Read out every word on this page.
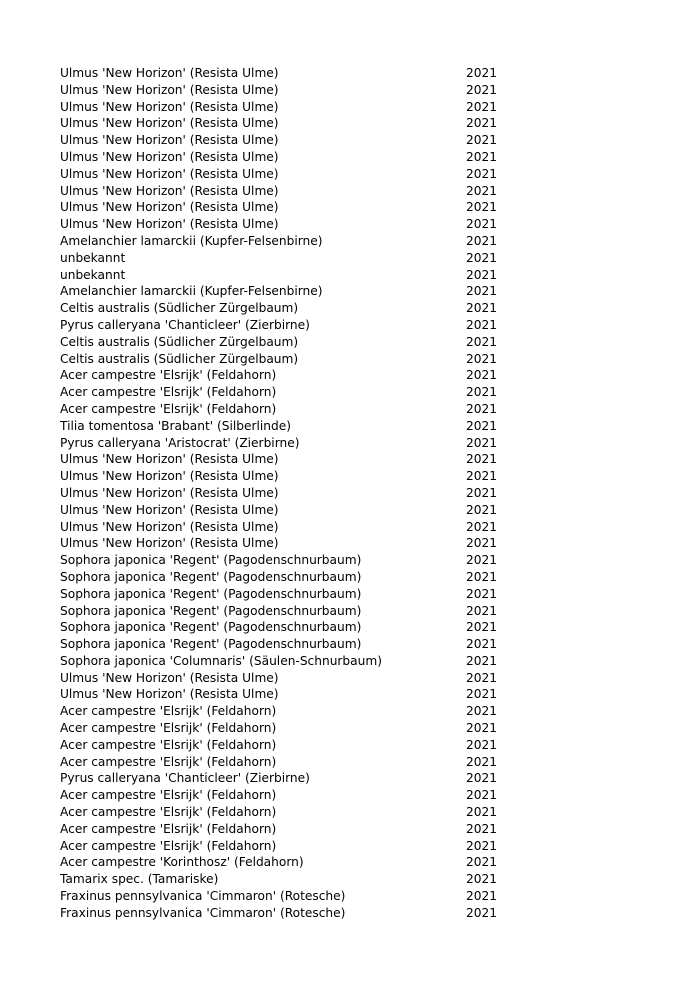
Ulmus 'New Horizon' (Resista Ulme)	2021
Ulmus 'New Horizon' (Resista Ulme)	2021
Ulmus 'New Horizon' (Resista Ulme)	2021
Ulmus 'New Horizon' (Resista Ulme)	2021
Ulmus 'New Horizon' (Resista Ulme)	2021
Ulmus 'New Horizon' (Resista Ulme)	2021
Ulmus 'New Horizon' (Resista Ulme)	2021
Ulmus 'New Horizon' (Resista Ulme)	2021
Ulmus 'New Horizon' (Resista Ulme)	2021
Ulmus 'New Horizon' (Resista Ulme)	2021
Amelanchier lamarckii (Kupfer-Felsenbirne)	2021
unbekannt	2021
unbekannt	2021
Amelanchier lamarckii (Kupfer-Felsenbirne)	2021
Celtis australis (Südlicher Zürgelbaum)	2021
Pyrus calleryana 'Chanticleer' (Zierbirne)	2021
Celtis australis (Südlicher Zürgelbaum)	2021
Celtis australis (Südlicher Zürgelbaum)	2021
Acer campestre 'Elsrijk' (Feldahorn)	2021
Acer campestre 'Elsrijk' (Feldahorn)	2021
Acer campestre 'Elsrijk' (Feldahorn)	2021
Tilia tomentosa 'Brabant' (Silberlinde)	2021
Pyrus calleryana 'Aristocrat' (Zierbirne)	2021
Ulmus 'New Horizon' (Resista Ulme)	2021
Ulmus 'New Horizon' (Resista Ulme)	2021
Ulmus 'New Horizon' (Resista Ulme)	2021
Ulmus 'New Horizon' (Resista Ulme)	2021
Ulmus 'New Horizon' (Resista Ulme)	2021
Ulmus 'New Horizon' (Resista Ulme)	2021
Sophora japonica 'Regent' (Pagodenschnurbaum)	2021
Sophora japonica 'Regent' (Pagodenschnurbaum)	2021
Sophora japonica 'Regent' (Pagodenschnurbaum)	2021
Sophora japonica 'Regent' (Pagodenschnurbaum)	2021
Sophora japonica 'Regent' (Pagodenschnurbaum)	2021
Sophora japonica 'Regent' (Pagodenschnurbaum)	2021
Sophora japonica 'Columnaris' (Säulen-Schnurbaum)	2021
Ulmus 'New Horizon' (Resista Ulme)	2021
Ulmus 'New Horizon' (Resista Ulme)	2021
Acer campestre 'Elsrijk' (Feldahorn)	2021
Acer campestre 'Elsrijk' (Feldahorn)	2021
Acer campestre 'Elsrijk' (Feldahorn)	2021
Acer campestre 'Elsrijk' (Feldahorn)	2021
Pyrus calleryana 'Chanticleer' (Zierbirne)	2021
Acer campestre 'Elsrijk' (Feldahorn)	2021
Acer campestre 'Elsrijk' (Feldahorn)	2021
Acer campestre 'Elsrijk' (Feldahorn)	2021
Acer campestre 'Elsrijk' (Feldahorn)	2021
Acer campestre 'Korinthosz' (Feldahorn)	2021
Tamarix spec. (Tamariske)	2021
Fraxinus pennsylvanica 'Cimmaron' (Rotesche)	2021
Fraxinus pennsylvanica 'Cimmaron' (Rotesche)	2021
